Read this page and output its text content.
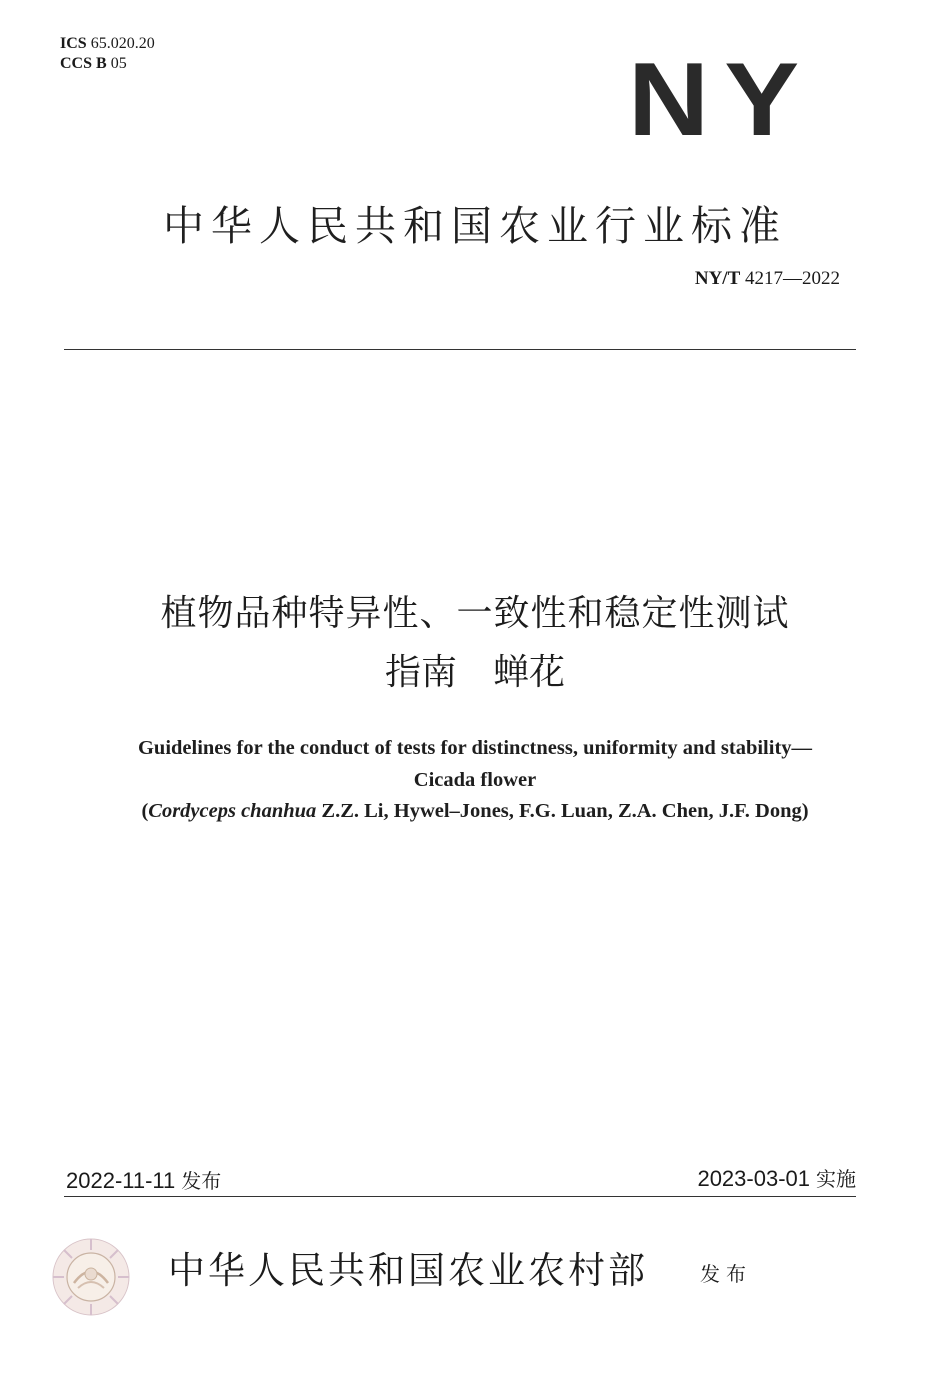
ICS 65.020.20
CCS B 05	NY
中华人民共和国农业行业标准
NY/T 4217—2022
植物品种特异性、一致性和稳定性测试
指南　蝉花
Guidelines for the conduct of tests for distinctness, uniformity and stability—
Cicada flower
(Cordyceps chanhua Z.Z. Li, Hywel–Jones, F.G. Luan, Z.A. Chen, J.F. Dong)
2022-11-11 发布	2023-03-01 实施
中华人民共和国农业农村部	发布
